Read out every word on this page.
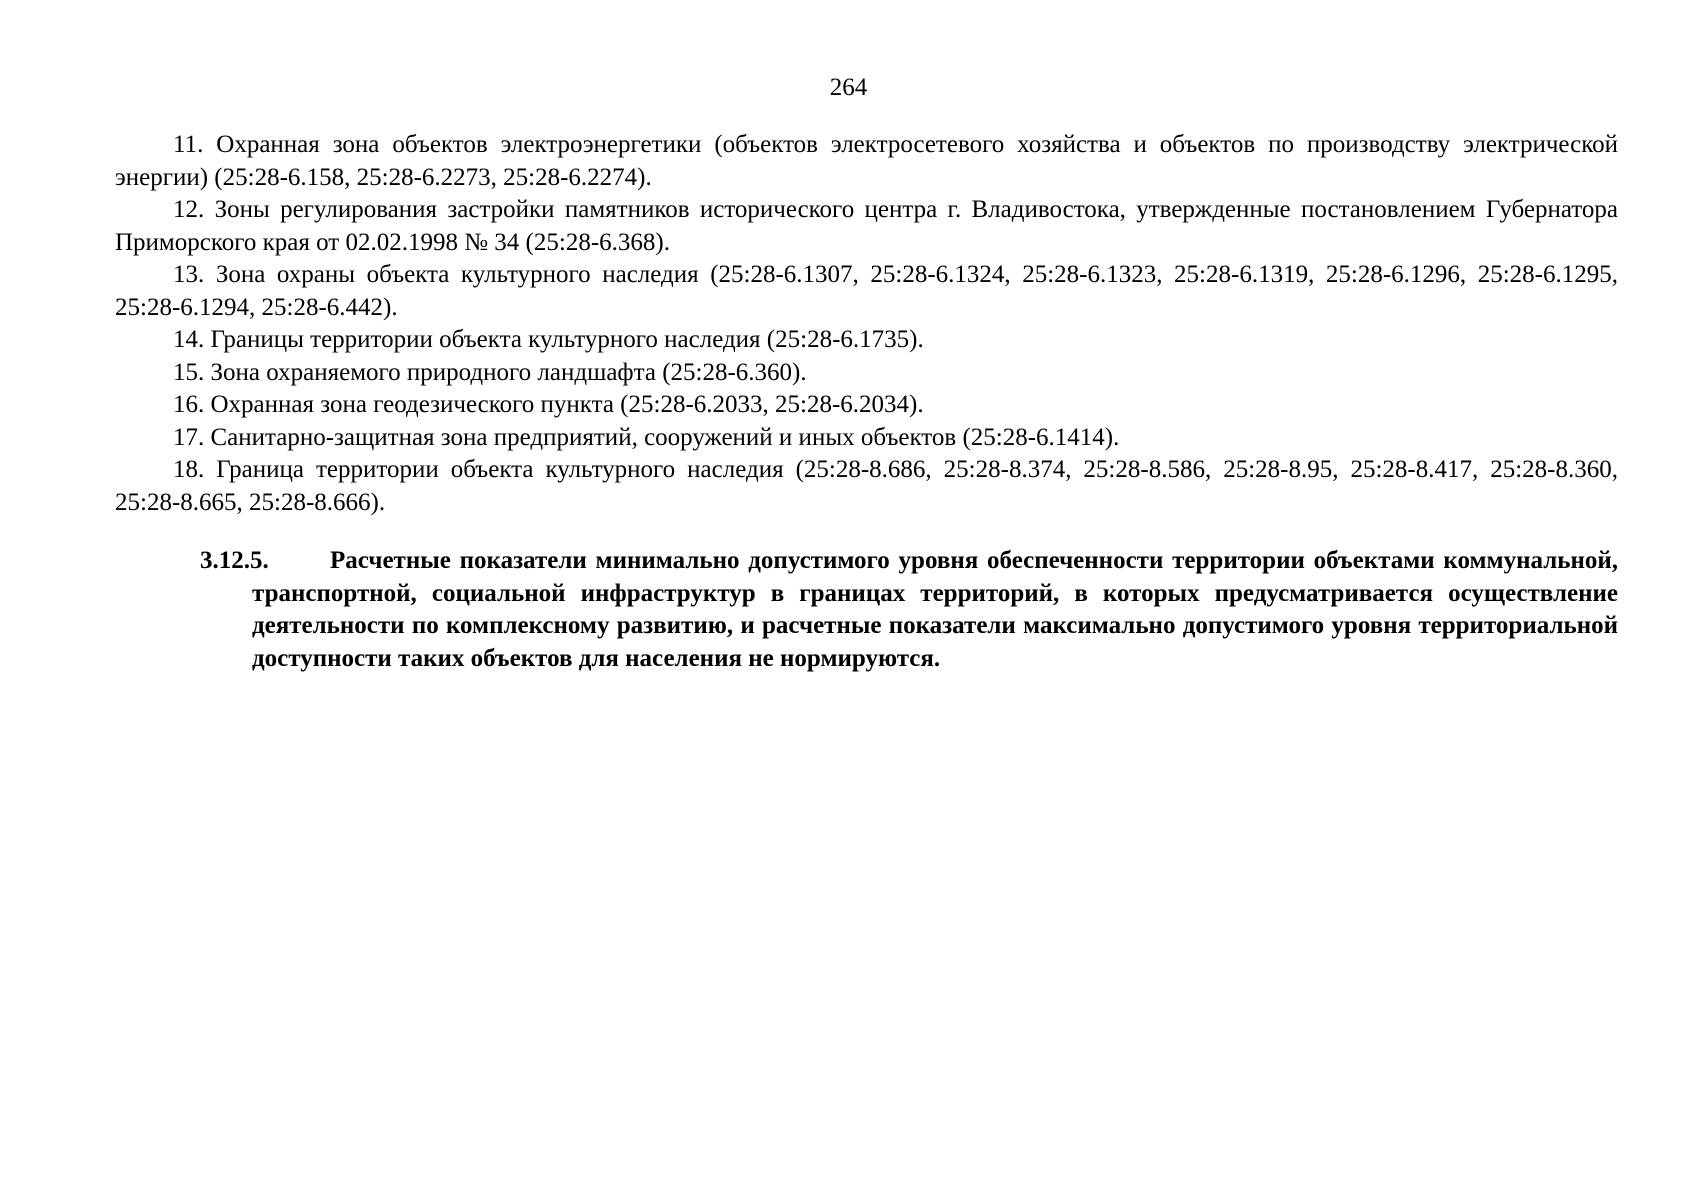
264

11. Охранная зона объектов электроэнергетики (объектов электросетевого хозяйства и объектов по производству электрической энергии) (25:28-6.158, 25:28-6.2273, 25:28-6.2274).

12. Зоны регулирования застройки памятников исторического центра г. Владивостока, утвержденные постановлением Губернатора Приморского края от 02.02.1998 № 34 (25:28-6.368).

13. Зона охраны объекта культурного наследия (25:28-6.1307, 25:28-6.1324, 25:28-6.1323, 25:28-6.1319, 25:28-6.1296, 25:28-6.1295, 25:28-6.1294, 25:28-6.442).

14. Границы территории объекта культурного наследия (25:28-6.1735).

15. Зона охраняемого природного ландшафта (25:28-6.360).

16. Охранная зона геодезического пункта (25:28-6.2033, 25:28-6.2034).

17. Санитарно-защитная зона предприятий, сооружений и иных объектов (25:28-6.1414).

18. Граница территории объекта культурного наследия (25:28-8.686, 25:28-8.374, 25:28-8.586, 25:28-8.95, 25:28-8.417, 25:28-8.360, 25:28-8.665, 25:28-8.666).

3.12.5.	Расчетные показатели минимально допустимого уровня обеспеченности территории объектами коммунальной, транспортной, социальной инфраструктур в границах территорий, в которых предусматривается осуществление деятельности по комплексному развитию, и расчетные показатели максимально допустимого уровня территориальной доступности таких объектов для населения не нормируются.
